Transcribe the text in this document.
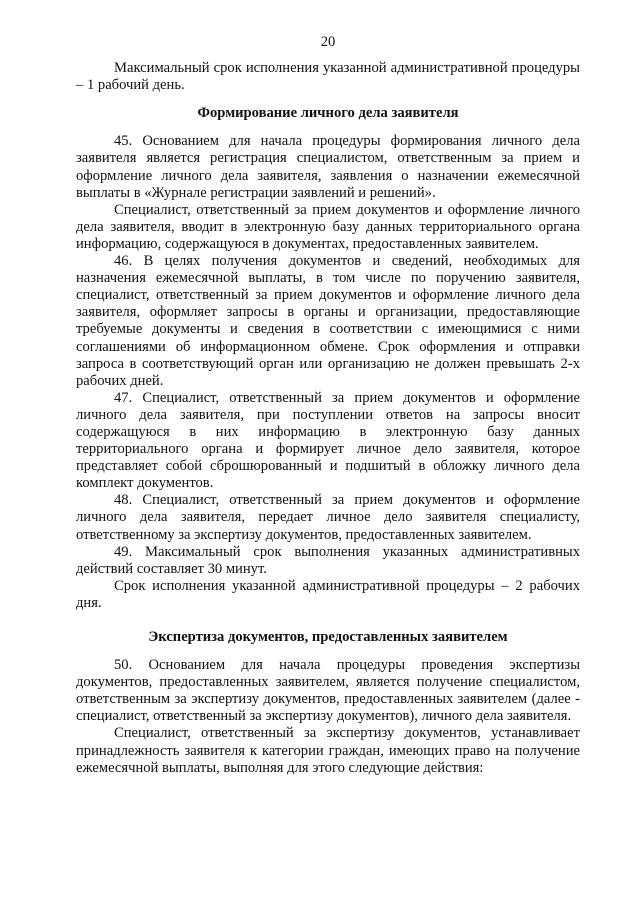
20

Максимальный срок исполнения указанной административной процедуры – 1 рабочий день.

Формирование личного дела заявителя

45. Основанием для начала процедуры формирования личного дела заявителя является регистрация специалистом, ответственным за прием и оформление личного дела заявителя, заявления о назначении ежемесячной выплаты в «Журнале регистрации заявлений и решений».

Специалист, ответственный за прием документов и оформление личного дела заявителя, вводит в электронную базу данных территориального органа информацию, содержащуюся в документах, предоставленных заявителем.

46. В целях получения документов и сведений, необходимых для назначения ежемесячной выплаты, в том числе по поручению заявителя, специалист, ответственный за прием документов и оформление личного дела заявителя, оформляет запросы в органы и организации, предоставляющие требуемые документы и сведения в соответствии с имеющимися с ними соглашениями об информационном обмене. Срок оформления и отправки запроса в соответствующий орган или организацию не должен превышать 2-х рабочих дней.

47. Специалист, ответственный за прием документов и оформление личного дела заявителя, при поступлении ответов на запросы вносит содержащуюся в них информацию в электронную базу данных территориального органа и формирует личное дело заявителя, которое представляет собой сброшюрованный и подшитый в обложку личного дела комплект документов.

48. Специалист, ответственный за прием документов и оформление личного дела заявителя, передает личное дело заявителя специалисту, ответственному за экспертизу документов, предоставленных заявителем.

49. Максимальный срок выполнения указанных административных действий составляет 30 минут.

Срок исполнения указанной административной процедуры – 2 рабочих дня.

Экспертиза документов, предоставленных заявителем

50. Основанием для начала процедуры проведения экспертизы документов, предоставленных заявителем, является получение специалистом, ответственным за экспертизу документов, предоставленных заявителем (далее - специалист, ответственный за экспертизу документов), личного дела заявителя.

Специалист, ответственный за экспертизу документов, устанавливает принадлежность заявителя к категории граждан, имеющих право на получение ежемесячной выплаты, выполняя для этого следующие действия:
